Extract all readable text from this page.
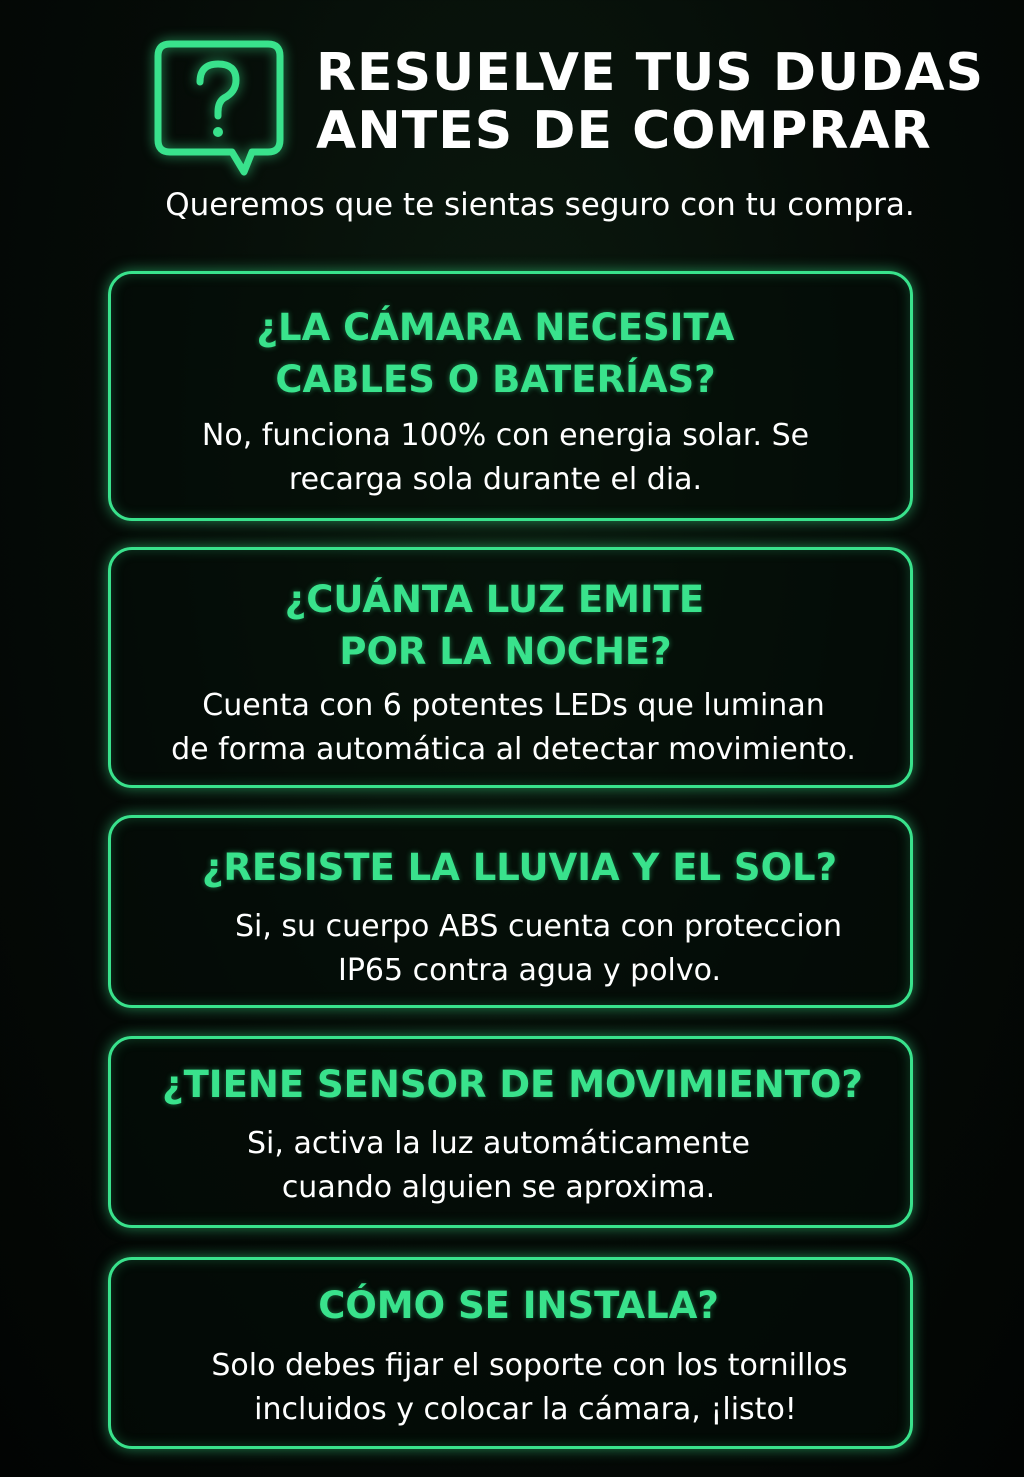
RESUELVE TUS DUDAS
ANTES DE COMPRAR
Queremos que te sientas seguro con tu compra.
¿LA CÁMARA NECESITA
CABLES O BATERÍAS?
No, funciona 100% con energia solar. Se
recarga sola durante el dia.
¿CUÁNTA LUZ EMITE
POR LA NOCHE?
Cuenta con 6 potentes LEDs que luminan
de forma automática al detectar movimiento.
¿RESISTE LA LLUVIA Y EL SOL?
Si, su cuerpo ABS cuenta con proteccion
IP65 contra agua y polvo.
¿TIENE SENSOR DE MOVIMIENTO?
Si, activa la luz automáticamente
cuando alguien se aproxima.
CÓMO SE INSTALA?
Solo debes fijar el soporte con los tornillos
incluidos y colocar la cámara, ¡listo!
